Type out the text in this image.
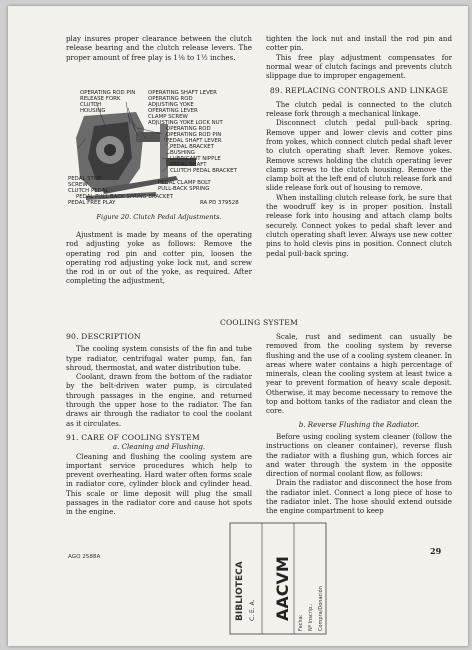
play insures proper clearance between the clutch release bearing and the clutch release levers. The proper amount of free play is 1⅛ to 1½ inches.

OPERATING ROD PIN
RELEASE FORK
CLUTCH
HOUSING
OPERATING SHAFT LEVER
OPERATING ROD
ADJUSTING YOKE
OPERATING LEVER
CLAMP SCREW
ADJUSTING YOKE LOCK NUT
OPERATING ROD
OPERATING ROD PIN
PEDAL SHAFT LEVER
PEDAL BRACKET
BUSHING
LUBRICANT NIPPLE
PEDAL SHAFT
CLUTCH PEDAL BRACKET
PEDAL STOP
SCREW
CLUTCH PEDAL
PEDAL PULL-BACK SPRING BRACKET
PEDAL FREE PLAY
PEDAL CLAMP BOLT
PULL-BACK SPRING
RA PD 379528
Figure 20. Clutch Pedal Adjustments.

Ajustment is made by means of the operating rod adjusting yoke as follows: Remove the operating rod pin and cotter pin, loosen the operating rod adjusting yoke lock nut, and screw the rod in or out of the yoke, as required. After completing the adjustment,

tighten the lock nut and install the rod pin and cotter pin.

This free play adjustment compensates for normal wear of clutch facings and prevents clutch slippage due to improper engagement.

89. REPLACING CONTROLS AND LINKAGE

The clutch pedal is connected to the clutch release fork through a mechanical linkage.

Disconnect clutch pedal pull-back spring. Remove upper and lower clevis and cotter pins from yokes, which connect clutch pedal shaft lever to clutch operating shaft lever. Remove yokes. Remove screws holding the clutch operating lever clamp screws to the clutch housing. Remove the clamp bolt at the left end of clutch release fork and slide release fork out of housing to remove.

When installing clutch release fork, be sure that the woodruff key is in proper position. Install release fork into housing and attach clamp bolts securely. Connect yokes to pedal shaft lever and clutch operating shaft lever. Always use new cotter pins to hold clevis pins in position. Connect clutch pedal pull-back spring.

COOLING SYSTEM
90. DESCRIPTION

The cooling system consists of the fin and tube type radiator, centrifugal water pump, fan, fan shroud, thermostat, and water distribution tube.

Coolant, drawn from the bottom of the radiator by the belt-driven water pump, is circulated through passages in the engine, and returned through the upper hose to the radiator. The fan draws air through the radiator to cool the coolant as it circulates.

91. CARE OF COOLING SYSTEM
a. Cleaning and Flushing.

Cleaning and flushing the cooling system are important service procedures which help to prevent overheating. Hard water often forms scale in radiator core, cylinder block and cylinder head. This scale or lime deposit will plug the small passages in the radiator core and cause hot spots in the engine.

Scale, rust and sediment can usually be removed from the cooling system by reverse flushing and the use of a cooling system cleaner. In areas where water contains a high percentage of minerals, clean the cooling system at least twice a year to prevent formation of heavy scale deposit. Otherwise, it may become necessary to remove the top and bottom tanks of the radiator and clean the core.

b. Reverse Flushing the Radiator.

Before using cooling system cleaner (follow the instructions on cleaner container), reverse flush the radiator with a flushing gun, which forces air and water through the system in the opposite direction of normal coolant flow, as follows:

Drain the radiator and disconnect the hose from the radiator inlet. Connect a long piece of hose to the radiator inlet. The hose should extend outside the engine compartment to keep

AGO 2588A
29
BIBLIOTECA C. E. A. AACVM
Fecha: Nº Inscrip.: Compra/Donación
